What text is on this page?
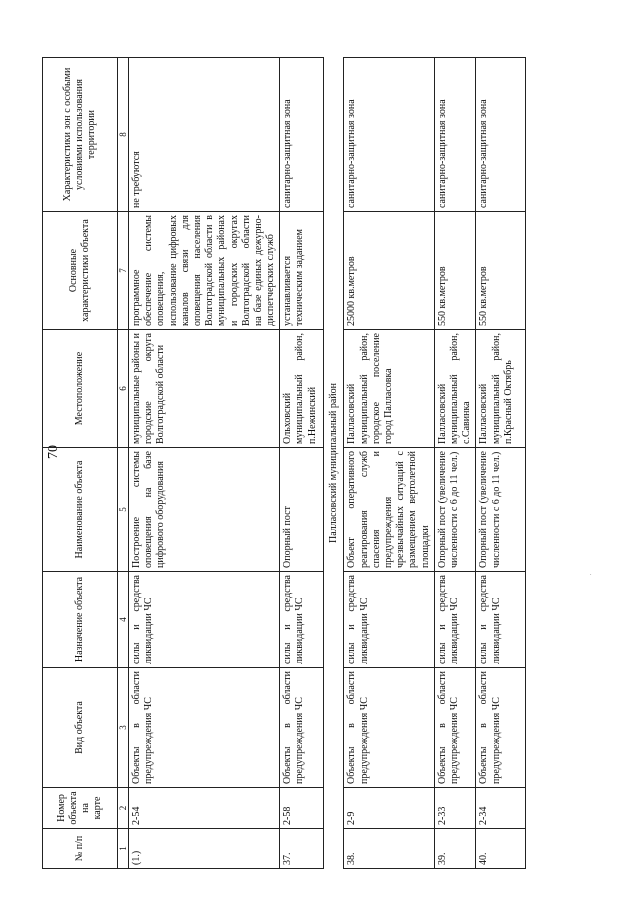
70
№ п/п	Номер объекта на карте	Вид объекта	Назначение объекта	Наименование объекта	Местоположение	Основные характеристики объекта	Характеристики зон с особыми условиями использования территории
1	2	3	4	5	6	7	8
(1.)	2-54	Объекты в области предупреждения ЧС	силы и средства ликвидации ЧС	Построение системы оповещения на базе цифрового оборудования	муниципальные районы и городские округа Волгоградской области	программное обеспечение системы оповещения, использование цифровых каналов связи для оповещения населения Волгоградской области в муниципальных районах и городских округах Волгоградской области на базе единых дежурно-диспетчерских служб	не требуются
37.	2-58	Объекты в области предупреждения ЧС	силы и средства ликвидации ЧС	Опорный пост	Ольховский муниципальный район, п.Нежинский	устанавливается техническим заданием	санитарно-защитная зона
Палласовский муниципальный район							
38.	2-9	Объекты в области предупреждения ЧС	силы и средства ликвидации ЧС	Объект оперативного реагирования служб спасения и предупреждения чрезвычайных ситуаций с размещением вертолетной площадки	Палласовский муниципальный район, городское поселение город Палласовка	25000 кв.метров	санитарно-защитная зона
39.	2-33	Объекты в области предупреждения ЧС	силы и средства ликвидации ЧС	Опорный пост (увеличение численности с 6 до 11 чел.)	Палласовский муниципальный район, с.Савинка	550 кв.метров	санитарно-защитная зона
40.	2-34	Объекты в области предупреждения ЧС	силы и средства ликвидации ЧС	Опорный пост (увеличение численности с 6 до 11 чел.)	Палласовский муниципальный район, п.Красный Октябрь	550 кв.метров	санитарно-защитная зона
.
